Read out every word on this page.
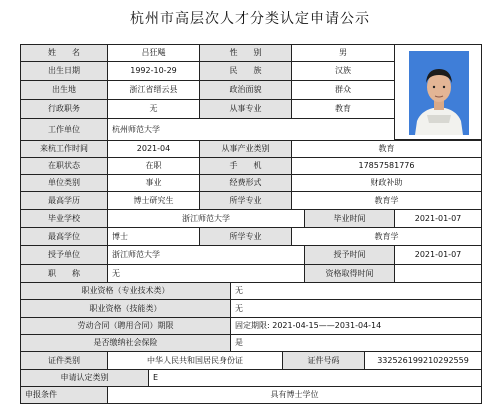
杭州市高层次人才分类认定申请公示
姓　　名	吕狂飚	性　　别	男
出生日期	1992-10-29	民　　族	汉族
出生地	浙江省缙云县	政治面貌	群众
行政职务	无	从事专业	教育
工作单位	杭州师范大学
来杭工作时间	2021-04	从事产业类别	教育
在职状态	在职	手　　机	17857581776
单位类别	事业	经费形式	财政补助
最高学历	博士研究生	所学专业	教育学
毕业学校	浙江师范大学	毕业时间	2021-01-07
最高学位	博士	所学专业	教育学
授予单位	浙江师范大学	授予时间	2021-01-07
职　　称	无	资格取得时间
职业资格（专业技术类）	无
职业资格（技能类）	无
劳动合同（聘用合同）期限	固定期限: 2021-04-15——2031-04-14
是否缴纳社会保险	是
证件类别	中华人民共和国居民身份证	证件号码	332526199210292559
申请认定类别	E
申报条件	具有博士学位
